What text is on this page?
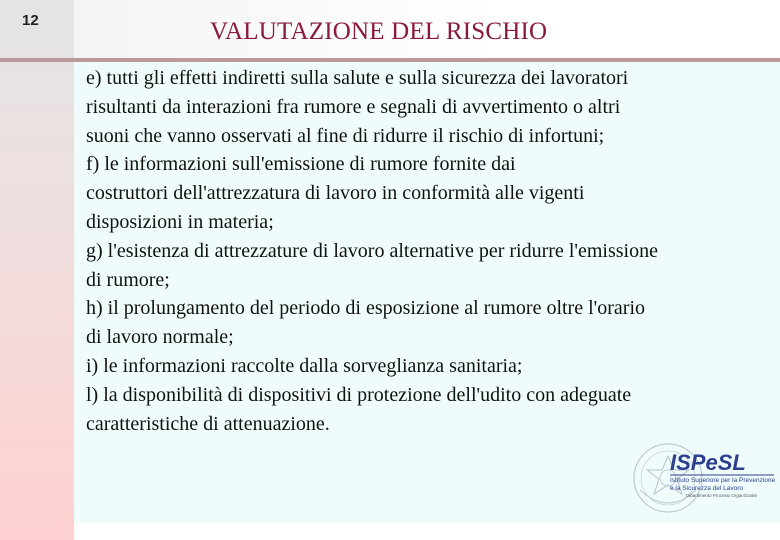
12	VALUTAZIONE DEL RISCHIO
e) tutti gli effetti indiretti sulla salute e sulla sicurezza dei lavoratori
risultanti da interazioni fra rumore e segnali di avvertimento o altri
suoni che vanno osservati al fine di ridurre il rischio di infortuni;
f) le informazioni sull'emissione di rumore fornite dai
costruttori dell'attrezzatura di lavoro in conformità alle vigenti
disposizioni in materia;
g) l'esistenza di attrezzature di lavoro alternative per ridurre l'emissione
di rumore;
h) il prolungamento del periodo di esposizione al rumore oltre l'orario
di lavoro normale;
i) le informazioni raccolte dalla sorveglianza sanitaria;
l) la disponibilità di dispositivi di protezione dell'udito con adeguate
caratteristiche di attenuazione.
ISPeSL
Istituto Superiore per la Prevenzione
e la Sicurezza del Lavoro
Dipartimento Processi Organizzativi
